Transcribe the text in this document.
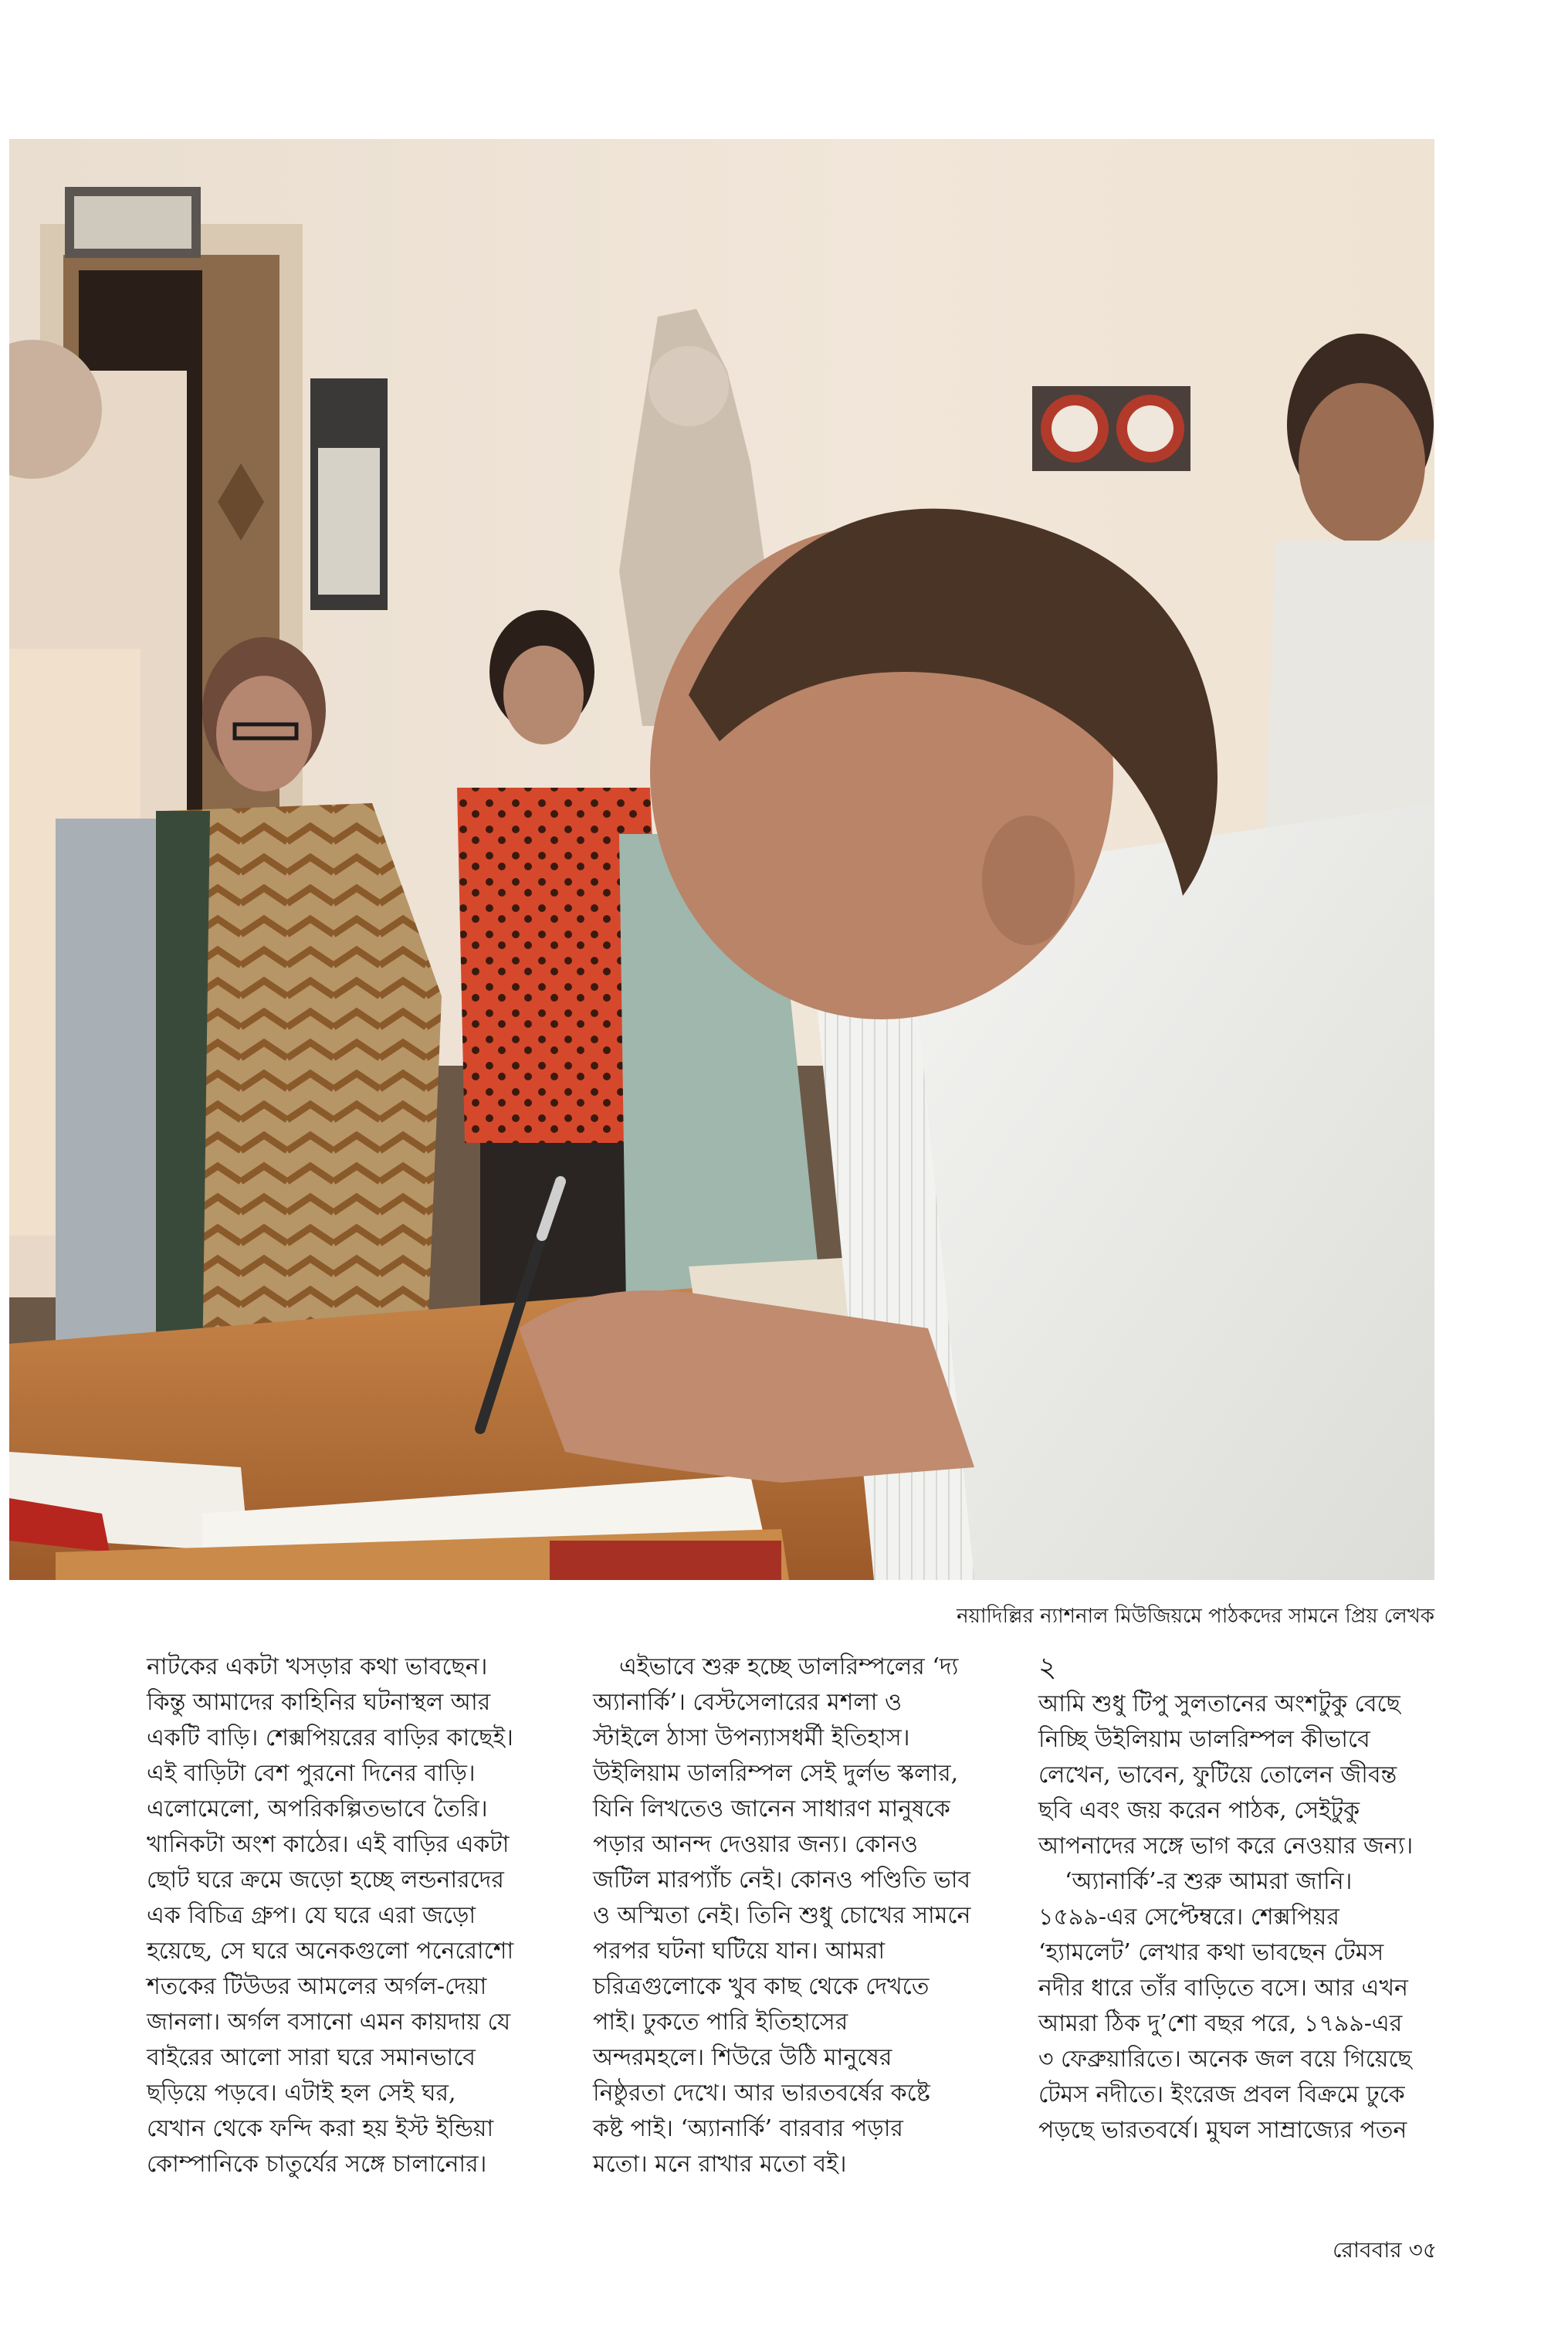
নয়াদিল্লির ন্যাশনাল মিউজিয়মে পাঠকদের সামনে প্রিয় লেখক

নাটকের একটা খসড়ার কথা ভাবছেন।
কিন্তু আমাদের কাহিনির ঘটনাস্থল আর
একটি বাড়ি। শেক্সপিয়রের বাড়ির কাছেই।
এই বাড়িটা বেশ পুরনো দিনের বাড়ি।
এলোমেলো, অপরিকল্পিতভাবে তৈরি।
খানিকটা অংশ কাঠের। এই বাড়ির একটা
ছোট ঘরে ক্রমে জড়ো হচ্ছে লন্ডনারদের
এক বিচিত্র গ্রুপ। যে ঘরে এরা জড়ো
হয়েছে, সে ঘরে অনেকগুলো পনেরোশো
শতকের টিউডর আমলের অর্গল-দেয়া
জানলা। অর্গল বসানো এমন কায়দায় যে
বাইরের আলো সারা ঘরে সমানভাবে
ছড়িয়ে পড়বে। এটাই হল সেই ঘর,
যেখান থেকে ফন্দি করা হয় ইস্ট ইন্ডিয়া
কোম্পানিকে চাতুর্যের সঙ্গে চালানোর।

এইভাবে শুরু হচ্ছে ডালরিম্পলের ‘দ্য
অ্যানার্কি’। বেস্টসেলারের মশলা ও
স্টাইলে ঠাসা উপন্যাসধর্মী ইতিহাস।
উইলিয়াম ডালরিম্পল সেই দুর্লভ স্কলার,
যিনি লিখতেও জানেন সাধারণ মানুষকে
পড়ার আনন্দ দেওয়ার জন্য। কোনও
জটিল মারপ্যাঁচ নেই। কোনও পণ্ডিতি ভাব
ও অস্মিতা নেই। তিনি শুধু চোখের সামনে
পরপর ঘটনা ঘটিয়ে যান। আমরা
চরিত্রগুলোকে খুব কাছ থেকে দেখতে
পাই। ঢুকতে পারি ইতিহাসের
অন্দরমহলে। শিউরে উঠি মানুষের
নিষ্ঠুরতা দেখে। আর ভারতবর্ষের কষ্টে
কষ্ট পাই। ‘অ্যানার্কি’ বারবার পড়ার
মতো। মনে রাখার মতো বই।

২

আমি শুধু টিপু সুলতানের অংশটুকু বেছে
নিচ্ছি উইলিয়াম ডালরিম্পল কীভাবে
লেখেন, ভাবেন, ফুটিয়ে তোলেন জীবন্ত
ছবি এবং জয় করেন পাঠক, সেইটুকু
আপনাদের সঙ্গে ভাগ করে নেওয়ার জন্য।

‘অ্যানার্কি’-র শুরু আমরা জানি।
১৫৯৯-এর সেপ্টেম্বরে। শেক্সপিয়র
‘হ্যামলেট’ লেখার কথা ভাবছেন টেমস
নদীর ধারে তাঁর বাড়িতে বসে। আর এখন
আমরা ঠিক দু’শো বছর পরে, ১৭৯৯-এর
৩ ফেব্রুয়ারিতে। অনেক জল বয়ে গিয়েছে
টেমস নদীতে। ইংরেজ প্রবল বিক্রমে ঢুকে
পড়ছে ভারতবর্ষে। মুঘল সাম্রাজ্যের পতন

রোববার ৩৫
